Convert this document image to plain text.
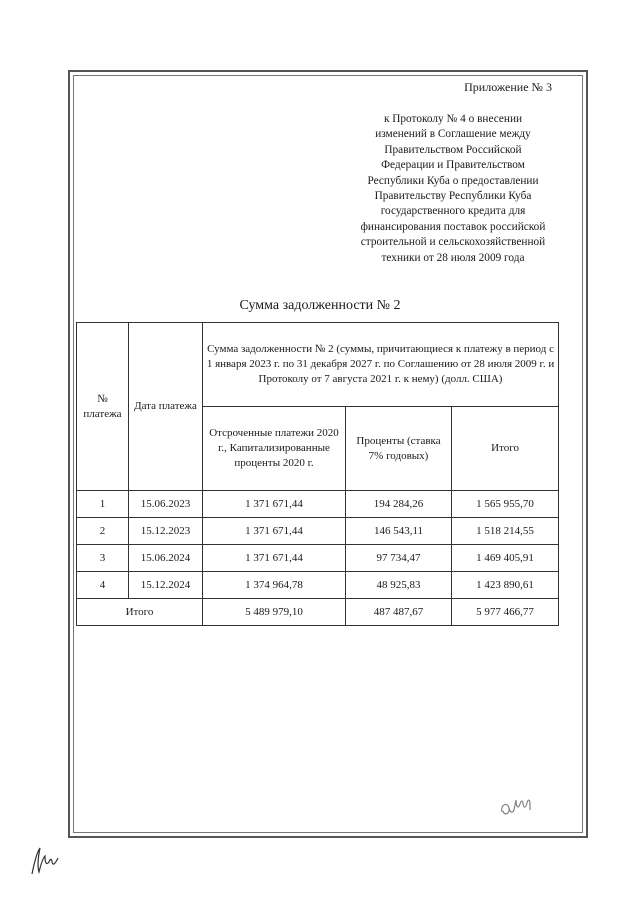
Приложение № 3
к Протоколу № 4 о внесении
изменений в Соглашение между
Правительством Российской
Федерации и Правительством
Республики Куба о предоставлении
Правительству Республики Куба
государственного кредита для
финансирования поставок российской
строительной и сельскохозяйственной
техники от 28 июля 2009 года
Сумма задолженности № 2
№ платежа	Дата платежа	Сумма задолженности № 2 (суммы, причитающиеся к платежу в период с 1 января 2023 г. по 31 декабря 2027 г. по Соглашению от 28 июля 2009 г. и Протоколу от 7 августа 2021 г. к нему) (долл. США)		
		Отсроченные платежи 2020 г., Капитализированные проценты 2020 г.	Проценты (ставка 7% годовых)	Итого
1	15.06.2023	1 371 671,44	194 284,26	1 565 955,70
2	15.12.2023	1 371 671,44	146 543,11	1 518 214,55
3	15.06.2024	1 371 671,44	97 734,47	1 469 405,91
4	15.12.2024	1 374 964,78	48 925,83	1 423 890,61
Итого		5 489 979,10	487 487,67	5 977 466,77
